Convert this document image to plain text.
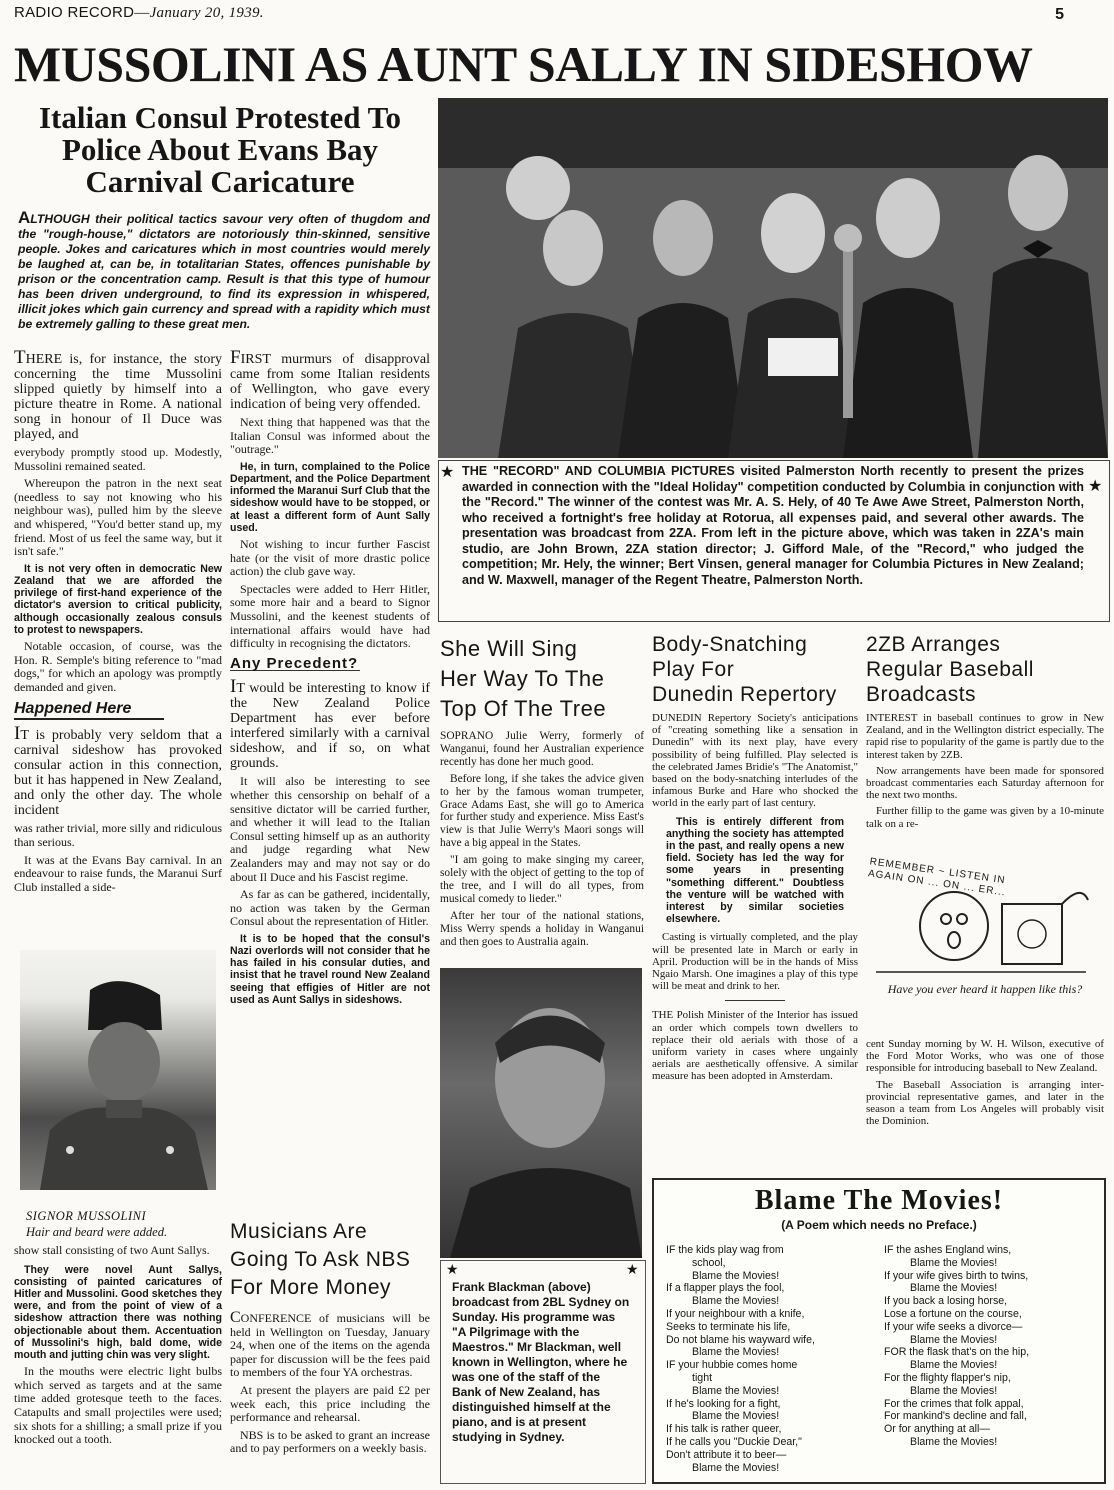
RADIO RECORD—January 20, 1939.	5
MUSSOLINI AS AUNT SALLY IN SIDESHOW
Italian Consul Protested To
Police About Evans Bay
Carnival Caricature
ALTHOUGH their political tactics savour very often of thugdom and the "rough-house," dictators are notoriously thin-skinned, sensitive people. Jokes and caricatures which in most countries would merely be laughed at, can be, in totalitarian States, offences punishable by prison or the concentration camp. Result is that this type of humour has been driven underground, to find its expression in whispered, illicit jokes which gain currency and spread with a rapidity which must be extremely galling to these great men.

THERE is, for instance, the story concerning the time Mussolini slipped quietly by himself into a picture theatre in Rome. A national song in honour of Il Duce was played, and

everybody promptly stood up. Modestly, Mussolini remained seated.

Whereupon the patron in the next seat (needless to say not knowing who his neighbour was), pulled him by the sleeve and whispered, "You'd better stand up, my friend. Most of us feel the same way, but it isn't safe."

It is not very often in democratic New Zealand that we are afforded the privilege of first-hand experience of the dictator's aversion to critical publicity, although occasionally zealous consuls to protest to newspapers.

Notable occasion, of course, was the Hon. R. Semple's biting reference to "mad dogs," for which an apology was promptly demanded and given.

Happened Here

IT is probably very seldom that a carnival sideshow has provoked consular action in this connection, but it has happened in New Zealand, and only the other day. The whole incident

was rather trivial, more silly and ridiculous than serious.

It was at the Evans Bay carnival. In an endeavour to raise funds, the Maranui Surf Club installed a side-

SIGNOR MUSSOLINI
Hair and beard were added.

show stall consisting of two Aunt Sallys.

They were novel Aunt Sallys, consisting of painted caricatures of Hitler and Mussolini. Good sketches they were, and from the point of view of a sideshow attraction there was nothing objectionable about them. Accentuation of Mussolini's high, bald dome, wide mouth and jutting chin was very slight.

In the mouths were electric light bulbs which served as targets and at the same time added grotesque teeth to the faces. Catapults and small projectiles were used; six shots for a shilling; a small prize if you knocked out a tooth.

FIRST murmurs of disapproval came from some Italian residents of Wellington, who gave every indication of being very offended.

Next thing that happened was that the Italian Consul was informed about the "outrage."

He, in turn, complained to the Police Department, and the Police Department informed the Maranui Surf Club that the sideshow would have to be stopped, or at least a different form of Aunt Sally used.

Not wishing to incur further Fascist hate (or the visit of more drastic police action) the club gave way.

Spectacles were added to Herr Hitler, some more hair and a beard to Signor Mussolini, and the keenest students of international affairs would have had difficulty in recognising the dictators.

Any Precedent?

IT would be interesting to know if the New Zealand Police Department has ever before interfered similarly with a carnival sideshow, and if so, on what grounds.

It will also be interesting to see whether this censorship on behalf of a sensitive dictator will be carried further, and whether it will lead to the Italian Consul setting himself up as an authority and judge regarding what New Zealanders may and may not say or do about Il Duce and his Fascist regime.

As far as can be gathered, incidentally, no action was taken by the German Consul about the representation of Hitler.

It is to be hoped that the consul's Nazi overlords will not consider that he has failed in his consular duties, and insist that he travel round New Zealand seeing that effigies of Hitler are not used as Aunt Sallys in sideshows.

Musicians Are
Going To Ask NBS
For More Money

CONFERENCE of musicians will be held in Wellington on Tuesday, January 24, when one of the items on the agenda paper for discussion will be the fees paid to members of the four YA orchestras.

At present the players are paid £2 per week each, this price including the performance and rehearsal.

NBS is to be asked to grant an increase and to pay performers on a weekly basis.

★
★
THE "RECORD" AND COLUMBIA PICTURES visited Palmerston North recently to present the prizes awarded in connection with the "Ideal Holiday" competition conducted by Columbia in conjunction with the "Record." The winner of the contest was Mr. A. S. Hely, of 40 Te Awe Awe Street, Palmerston North, who received a fortnight's free holiday at Rotorua, all expenses paid, and several other awards. The presentation was broadcast from 2ZA. From left in the picture above, which was taken in 2ZA's main studio, are John Brown, 2ZA station director; J. Gifford Male, of the "Record," who judged the competition; Mr. Hely, the winner; Bert Vinsen, general manager for Columbia Pictures in New Zealand; and W. Maxwell, manager of the Regent Theatre, Palmerston North.
She Will Sing
Her Way To The
Top Of The Tree

SOPRANO Julie Werry, formerly of Wanganui, found her Australian experience recently has done her much good.

Before long, if she takes the advice given to her by the famous woman trumpeter, Grace Adams East, she will go to America for further study and experience. Miss East's view is that Julie Werry's Maori songs will have a big appeal in the States.

"I am going to make singing my career, solely with the object of getting to the top of the tree, and I will do all types, from musical comedy to lieder."

After her tour of the national stations, Miss Werry spends a holiday in Wanganui and then goes to Australia again.

★	★
Frank Blackman (above) broadcast from 2BL Sydney on Sunday. His programme was "A Pilgrimage with the Maestros." Mr Blackman, well known in Wellington, where he was one of the staff of the Bank of New Zealand, has distinguished himself at the piano, and is at present studying in Sydney.
Body-Snatching
Play For
Dunedin Repertory

DUNEDIN Repertory Society's anticipations of "creating something like a sensation in Dunedin" with its next play, have every possibility of being fulfilled. Play selected is the celebrated James Bridie's "The Anatomist," based on the body-snatching interludes of the infamous Burke and Hare who shocked the world in the early part of last century.

This is entirely different from anything the society has attempted in the past, and really opens a new field. Society has led the way for some years in presenting "something different." Doubtless the venture will be watched with interest by similar societies elsewhere.

Casting is virtually completed, and the play will be presented late in March or early in April. Production will be in the hands of Miss Ngaio Marsh. One imagines a play of this type will be meat and drink to her.

THE Polish Minister of the Interior has issued an order which compels town dwellers to replace their old aerials with those of a uniform variety in cases where ungainly aerials are aesthetically offensive. A similar measure has been adopted in Amsterdam.

2ZB Arranges
Regular Baseball
Broadcasts

INTEREST in baseball continues to grow in New Zealand, and in the Wellington district especially. The rapid rise to popularity of the game is partly due to the interest taken by 2ZB.

Now arrangements have been made for sponsored broadcast commentaries each Saturday afternoon for the next two months.

Further fillip to the game was given by a 10-minute talk on a re-

REMEMBER ~ LISTEN IN AGAIN ON ... ON ... ER...
Have you ever heard it happen like this?

cent Sunday morning by W. H. Wilson, executive of the Ford Motor Works, who was one of those responsible for introducing baseball to New Zealand.

The Baseball Association is arranging inter-provincial representative games, and later in the season a team from Los Angeles will probably visit the Dominion.

Blame The Movies!
(A Poem which needs no Preface.)
IF the kids play wag from
school,
Blame the Movies!
If a flapper plays the fool,
Blame the Movies!
If your neighbour with a knife,
Seeks to terminate his life,
Do not blame his wayward wife,
Blame the Movies!
IF your hubbie comes home
tight
Blame the Movies!
If he's looking for a fight,
Blame the Movies!
If his talk is rather queer,
If he calls you "Duckie Dear,"
Don't attribute it to beer—
Blame the Movies!
IF the ashes England wins,
Blame the Movies!
If your wife gives birth to twins,
Blame the Movies!
If you back a losing horse,
Lose a fortune on the course,
If your wife seeks a divorce—
Blame the Movies!
FOR the flask that's on the hip,
Blame the Movies!
For the flighty flapper's nip,
Blame the Movies!
For the crimes that folk appal,
For mankind's decline and fall,
Or for anything at all—
Blame the Movies!
